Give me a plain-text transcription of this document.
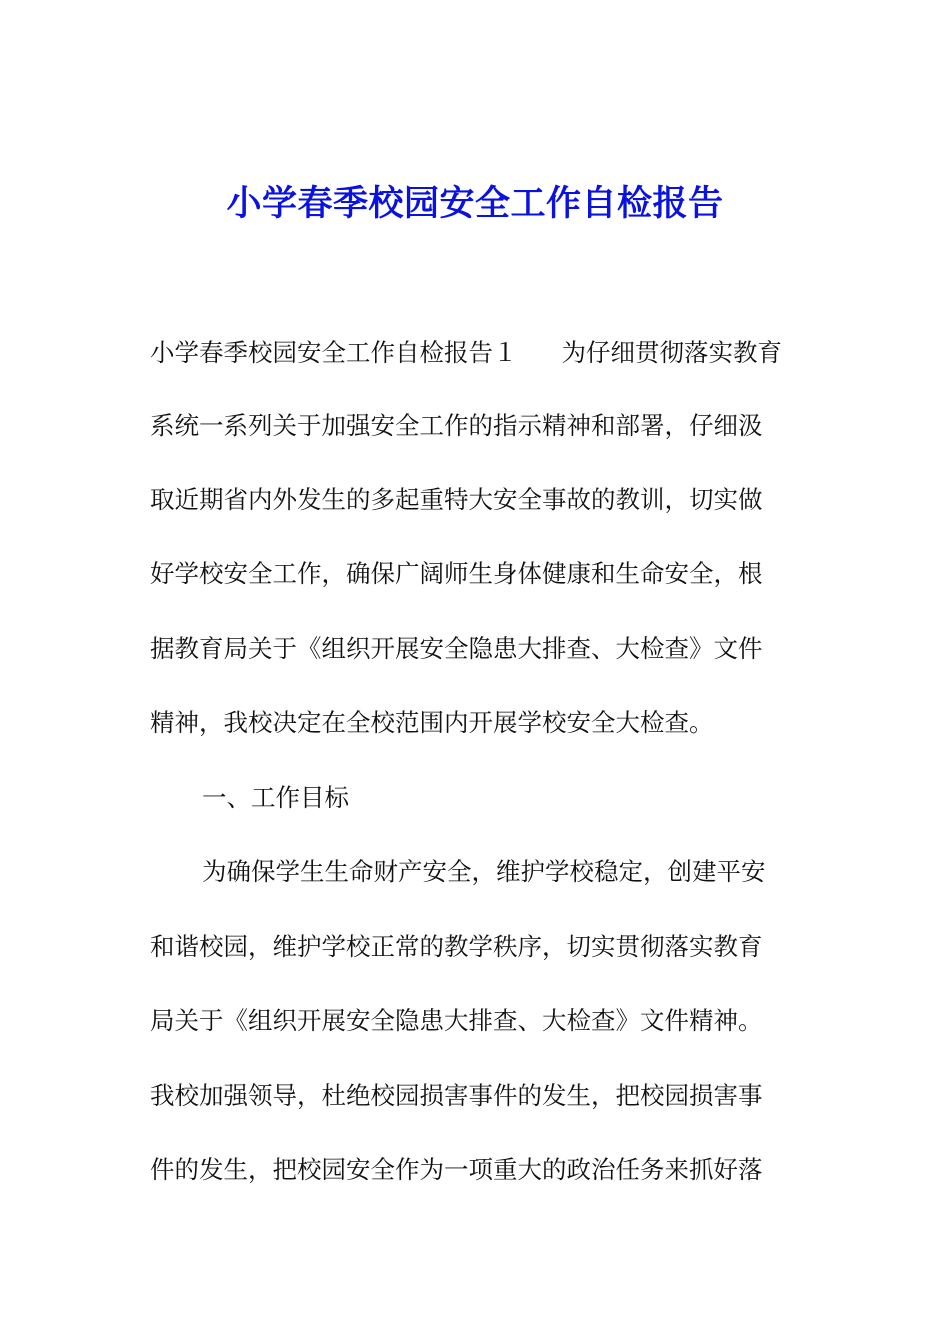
小学春季校园安全工作自检报告
小学春季校园安全工作自检报告１ 为仔细贯彻落实教育
系统一系列关于加强安全工作的指示精神和部署，仔细汲
取近期省内外发生的多起重特大安全事故的教训，切实做
好学校安全工作，确保广阔师生身体健康和生命安全，根
据教育局关于《组织开展安全隐患大排查、大检查》文件
精神，我校决定在全校范围内开展学校安全大检查。
一、工作目标
为确保学生生命财产安全，维护学校稳定，创建平安
和谐校园，维护学校正常的教学秩序，切实贯彻落实教育
局关于《组织开展安全隐患大排查、大检查》文件精神。
我校加强领导，杜绝校园损害事件的发生，把校园损害事
件的发生，把校园安全作为一项重大的政治任务来抓好落
